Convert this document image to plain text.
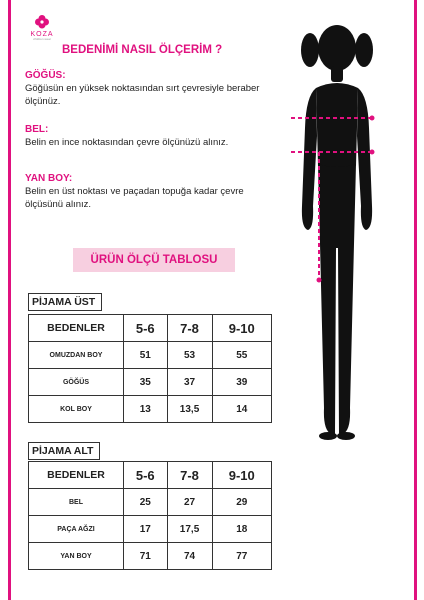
KOZA
children wear
BEDENİMİ NASIL ÖLÇERİM ?
GÖĞÜS:
Göğüsün en yüksek noktasından sırt çevresiyle beraber ölçünüz.
BEL:
Belin en ince noktasından çevre ölçünüzü alınız.
YAN BOY:
Belin en üst noktası ve paçadan topuğa kadar çevre ölçüsünü alınız.
ÜRÜN ÖLÇÜ TABLOSU
PİJAMA ÜST
BEDENLER	5-6	7-8	9-10
OMUZDAN BOY	51	53	55
GÖĞÜS	35	37	39
KOL BOY	13	13,5	14
PİJAMA ALT
BEDENLER	5-6	7-8	9-10
BEL	25	27	29
PAÇA AĞZI	17	17,5	18
YAN BOY	71	74	77
